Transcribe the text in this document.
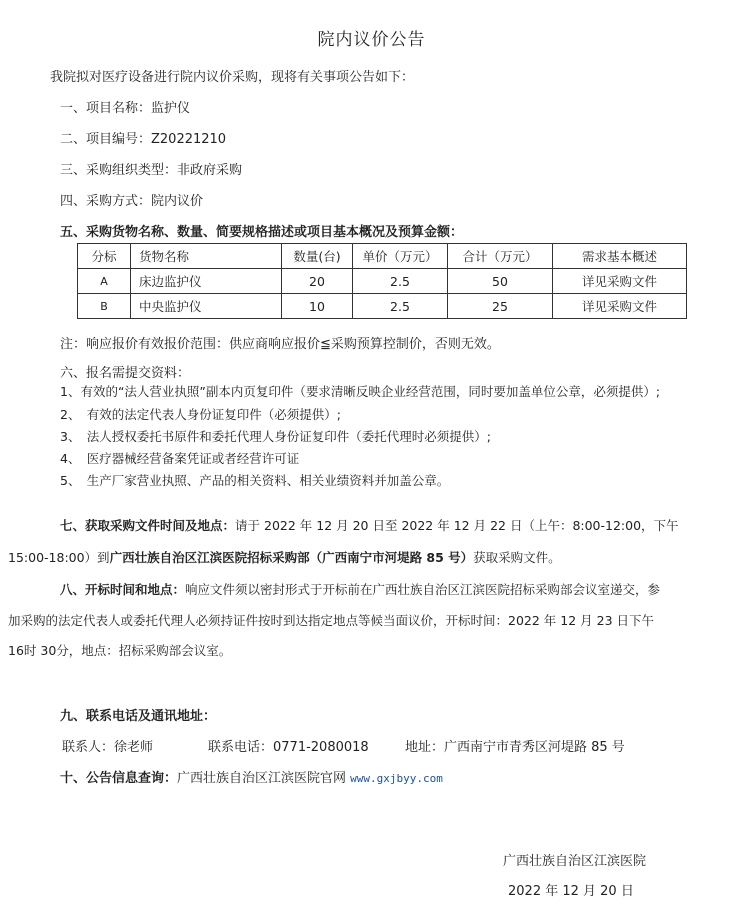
院内议价公告
我院拟对医疗设备进行院内议价采购，现将有关事项公告如下：
一、项目名称：监护仪
二、项目编号：Z20221210
三、采购组织类型：非政府采购
四、采购方式：院内议价
五、采购货物名称、数量、简要规格描述或项目基本概况及预算金额：
分标	货物名称	数量(台)	单价（万元）	合计（万元）	需求基本概述
A	床边监护仪	20	2.5	50	详见采购文件
B	中央监护仪	10	2.5	25	详见采购文件
注：响应报价有效报价范围：供应商响应报价≦采购预算控制价，否则无效。
六、报名需提交资料：
1、有效的“法人营业执照”副本内页复印件（要求清晰反映企业经营范围，同时要加盖单位公章，必须提供）;
2、　有效的法定代表人身份证复印件（必须提供）;
3、　法人授权委托书原件和委托代理人身份证复印件（委托代理时必须提供）;
4、　医疗器械经营备案凭证或者经营许可证
5、　生产厂家营业执照、产品的相关资料、相关业绩资料并加盖公章。
七、获取采购文件时间及地点：请于 2022 年 12 月 20 日至 2022 年 12 月 22 日（上午：8:00-12:00，下午
15:00-18:00）到广西壮族自治区江滨医院招标采购部（广西南宁市河堤路 85 号）获取采购文件。
八、开标时间和地点：响应文件须以密封形式于开标前在广西壮族自治区江滨医院招标采购部会议室递交，参
加采购的法定代表人或委托代理人必须持证件按时到达指定地点等候当面议价，开标时间：2022 年 12 月 23 日下午
16时 30分，地点：招标采购部会议室。
九、联系电话及通讯地址：
联系人：徐老师	联系电话：0771-2080018	地址：广西南宁市青秀区河堤路 85 号
十、公告信息查询：广西壮族自治区江滨医院官网 www.gxjbyy.com
广西壮族自治区江滨医院
2022 年 12 月 20 日
